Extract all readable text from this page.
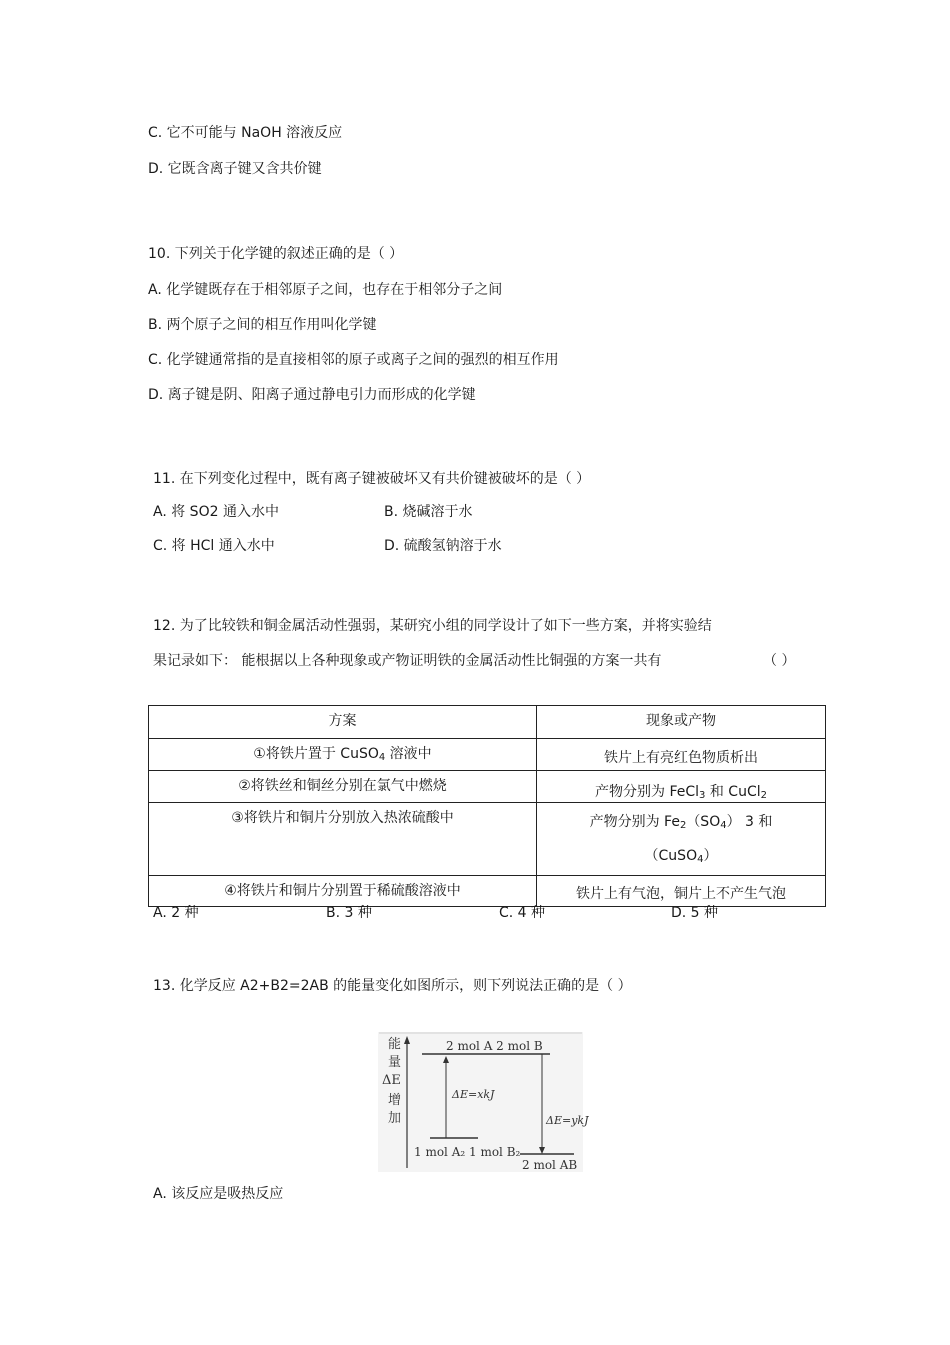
C. 它不可能与 NaOH 溶液反应
D. 它既含离子键又含共价键
10. 下列关于化学键的叙述正确的是（ ）
A. 化学键既存在于相邻原子之间，也存在于相邻分子之间
B. 两个原子之间的相互作用叫化学键
C. 化学键通常指的是直接相邻的原子或离子之间的强烈的相互作用
D. 离子键是阴、阳离子通过静电引力而形成的化学键
11. 在下列变化过程中，既有离子键被破坏又有共价键被破坏的是（ ）
A. 将 SO2 通入水中	B. 烧碱溶于水
C. 将 HCl 通入水中	D. 硫酸氢钠溶于水
12. 为了比较铁和铜金属活动性强弱，某研究小组的同学设计了如下一些方案，并将实验结
果记录如下： 能根据以上各种现象或产物证明铁的金属活动性比铜强的方案一共有	（ ）
方案	现象或产物
①将铁片置于 CuSO$_4$ 溶液中	铁片上有亮红色物质析出
②将铁丝和铜丝分别在氯气中燃烧	产物分别为 FeCl$_3$ 和 CuCl$_2$
③将铁片和铜片分别放入热浓硫酸中	产物分别为 $Fe_2(SO_4)$ 3 和
（CuSO$_4$）

④将铁片和铜片分别置于稀硫酸溶液中	铁片上有气泡，铜片上不产生气泡
A. 2 种	B. 3 种	C. 4 种	D. 5 种
13. 化学反应 A2+B2=2AB 的能量变化如图所示，则下列说法正确的是（ ）
能
量
ΔE
增
加
2 mol A 2 mol B
1 mol A₂ 1 mol B₂
ΔE=xkJ
ΔE=ykJ
2 mol AB
A. 该反应是吸热反应
